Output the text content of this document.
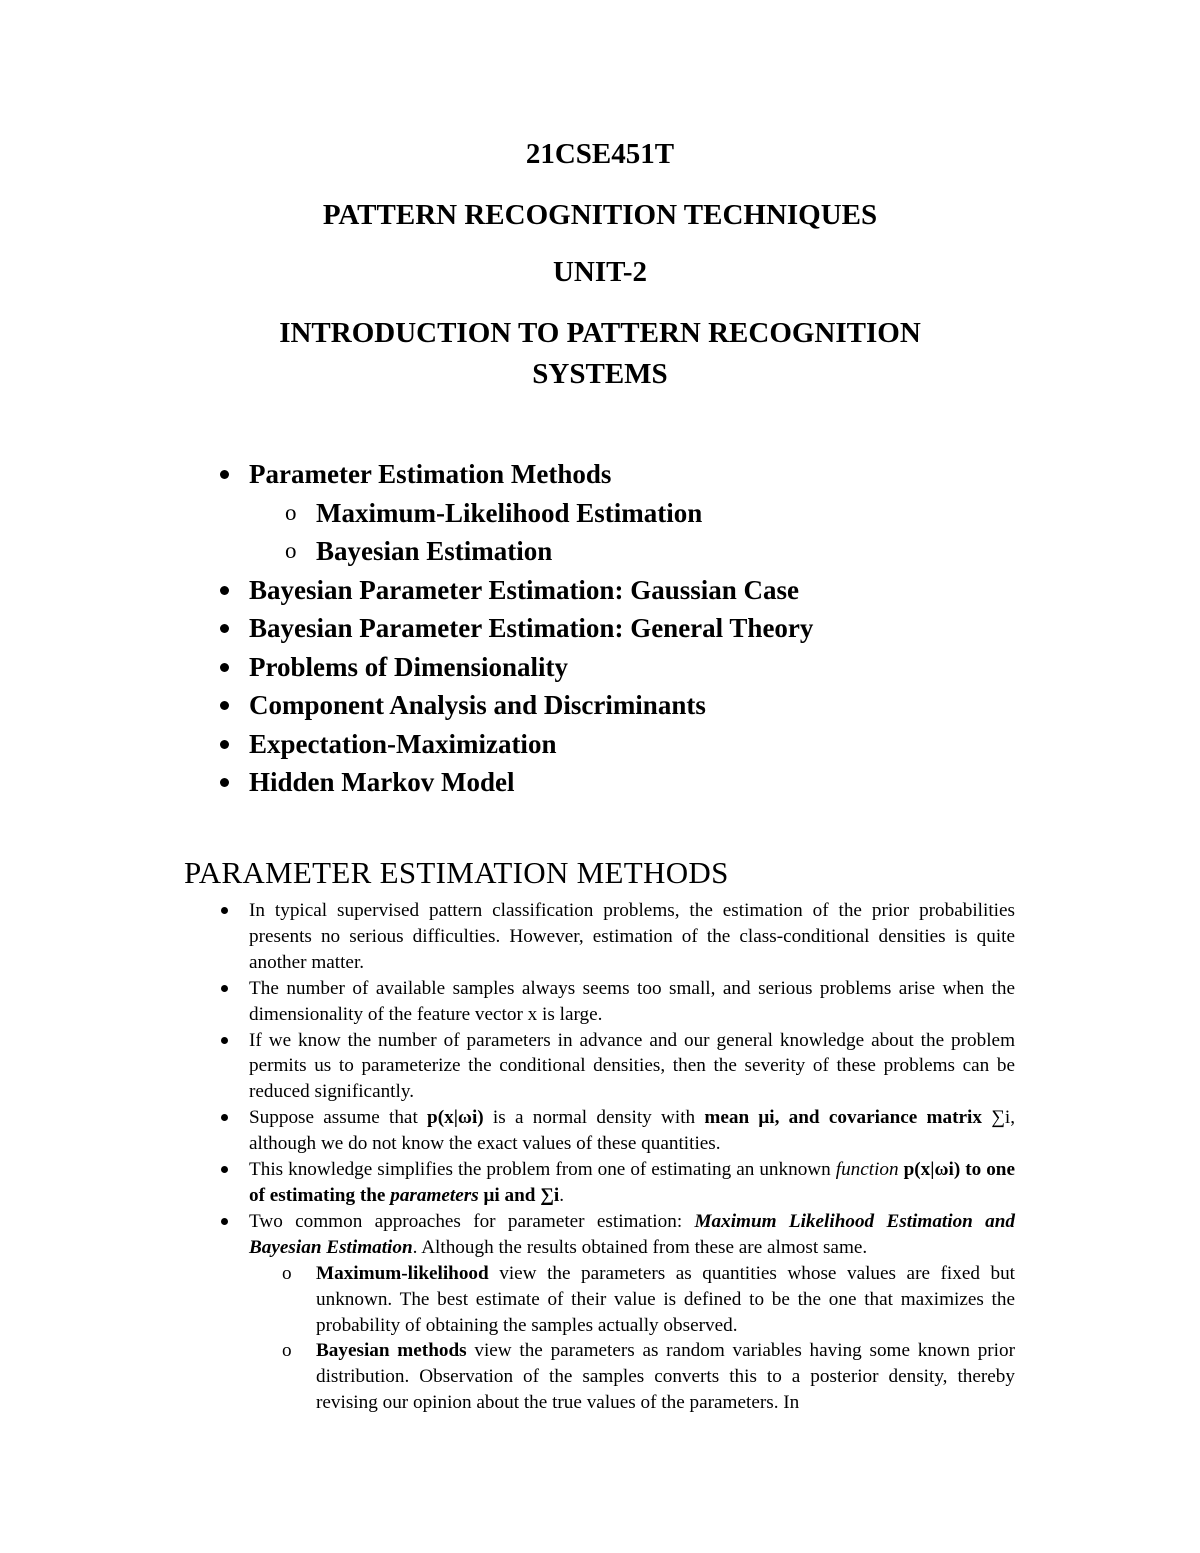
21CSE451T
PATTERN RECOGNITION TECHNIQUES
UNIT-2
INTRODUCTION TO PATTERN RECOGNITION
SYSTEMS
Parameter Estimation Methods
o Maximum-Likelihood Estimation
o Bayesian Estimation
Bayesian Parameter Estimation: Gaussian Case
Bayesian Parameter Estimation: General Theory
Problems of Dimensionality
Component Analysis and Discriminants
Expectation-Maximization
Hidden Markov Model
PARAMETER ESTIMATION METHODS
In typical supervised pattern classification problems, the estimation of the prior probabilities presents no serious difficulties. However, estimation of the class-conditional densities is quite another matter.
The number of available samples always seems too small, and serious problems arise when the dimensionality of the feature vector x is large.
If we know the number of parameters in advance and our general knowledge about the problem permits us to parameterize the conditional densities, then the severity of these problems can be reduced significantly.
Suppose assume that p(x|ωi) is a normal density with mean μi, and covariance matrix ∑i, although we do not know the exact values of these quantities.
This knowledge simplifies the problem from one of estimating an unknown function p(x|ωi) to one of estimating the parameters μi and ∑i.
Two common approaches for parameter estimation: Maximum Likelihood Estimation and Bayesian Estimation. Although the results obtained from these are almost same.
o Maximum-likelihood view the parameters as quantities whose values are fixed but unknown. The best estimate of their value is defined to be the one that maximizes the probability of obtaining the samples actually observed.
o Bayesian methods view the parameters as random variables having some known prior distribution. Observation of the samples converts this to a posterior density, thereby revising our opinion about the true values of the parameters. In
